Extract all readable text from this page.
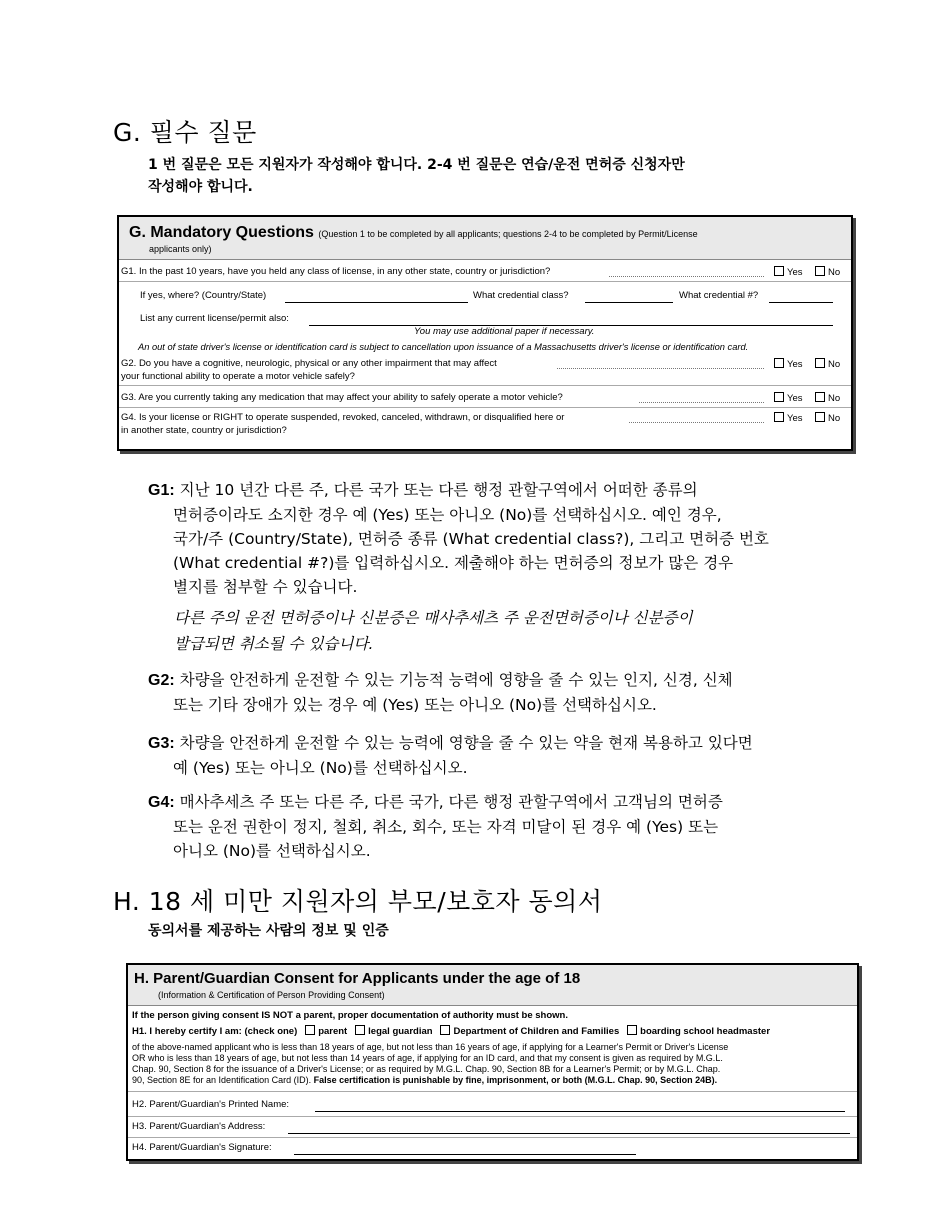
G. 필수 질문
1 번 질문은 모든 지원자가 작성해야 합니다. 2-4 번 질문은 연습/운전 면허증 신청자만
작성해야 합니다.
G. Mandatory Questions (Question 1 to be completed by all applicants; questions 2-4 to be completed by Permit/License
applicants only)
G1. In the past 10 years, have you held any class of license, in any other state, country or jurisdiction?	Yes	No
If yes, where? (Country/State)	What credential class?	What credential #?
List any current license/permit also:
You may use additional paper if necessary.
An out of state driver's license or identification card is subject to cancellation upon issuance of a Massachusetts driver's license or identification card.
G2. Do you have a cognitive, neurologic, physical or any other impairment that may affect
your functional ability to operate a motor vehicle safely?
Yes	No
G3. Are you currently taking any medication that may affect your ability to safely operate a motor vehicle?	Yes	No
G4. Is your license or RIGHT to operate suspended, revoked, canceled, withdrawn, or disqualified here or
in another state, country or jurisdiction?
Yes	No
G1: 지난 10 년간 다른 주, 다른 국가 또는 다른 행정 관할구역에서 어떠한 종류의
면허증이라도 소지한 경우 예 (Yes) 또는 아니오 (No)를 선택하십시오. 예인 경우,
국가/주 (Country/State), 면허증 종류 (What credential class?), 그리고 면허증 번호
(What credential #?)를 입력하십시오. 제출해야 하는 면허증의 정보가 많은 경우
별지를 첨부할 수 있습니다.
다른 주의 운전 면허증이나 신분증은 매사추세츠 주 운전면허증이나 신분증이
발급되면 취소될 수 있습니다.
G2: 차량을 안전하게 운전할 수 있는 기능적 능력에 영향을 줄 수 있는 인지, 신경, 신체
또는 기타 장애가 있는 경우 예 (Yes) 또는 아니오 (No)를 선택하십시오.
G3: 차량을 안전하게 운전할 수 있는 능력에 영향을 줄 수 있는 약을 현재 복용하고 있다면
예 (Yes) 또는 아니오 (No)를 선택하십시오.
G4: 매사추세츠 주 또는 다른 주, 다른 국가, 다른 행정 관할구역에서 고객님의 면허증
또는 운전 권한이 정지, 철회, 취소, 회수, 또는 자격 미달이 된 경우 예 (Yes) 또는
아니오 (No)를 선택하십시오.
H. 18 세 미만 지원자의 부모/보호자 동의서
동의서를 제공하는 사람의 정보 및 인증
H. Parent/Guardian Consent for Applicants under the age of 18
(Information & Certification of Person Providing Consent)
If the person giving consent IS NOT a parent, proper documentation of authority must be shown.
H1. I hereby certify I am: (check one) parent legal guardian Department of Children and Families boarding school headmaster
of the above-named applicant who is less than 18 years of age, but not less than 16 years of age, if applying for a Learner's Permit or Driver's License
OR who is less than 18 years of age, but not less than 14 years of age, if applying for an ID card, and that my consent is given as required by M.G.L.
Chap. 90, Section 8 for the issuance of a Driver's License; or as required by M.G.L. Chap. 90, Section 8B for a Learner's Permit; or by M.G.L. Chap.
90, Section 8E for an Identification Card (ID). False certification is punishable by fine, imprisonment, or both (M.G.L. Chap. 90, Section 24B).
H2. Parent/Guardian's Printed Name:
H3. Parent/Guardian's Address:
H4. Parent/Guardian's Signature:
